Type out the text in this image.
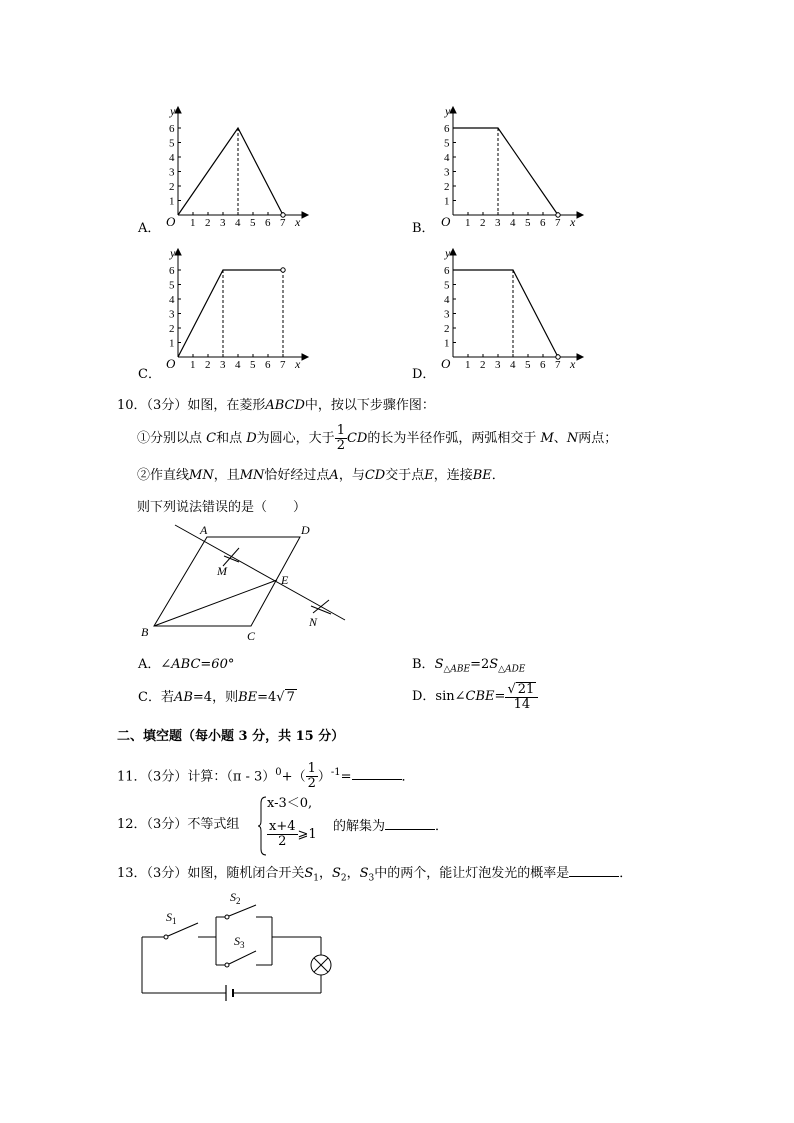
1 2 3 4 5 6 7
1
2
3
4
5
6
y
x
O
A．	1 2 3 4 5 6 7
1
2
3
4
5
6
y
x
O
B．
1 2 3 4 5 6 7
1
2
3
4
5
6
y
x
O
C．
1 2 3 4 5 6 7
1
2
3
4
5
6
y
x
O
D．
10．（3分）如图，在菱形ABCD中，按以下步骤作图：
①分别以点 C和点 D为圆心，大于 $\frac{1}{2}$ CD的长为半径作弧，两弧相交于 M、N两点；
②作直线MN，且MN恰好经过点A，与CD交于点E，连接BE．
则下列说法错误的是（　　）
A	D
M
E
N
B	C
A．∠ABC=60°	B．$S_{\triangle ABE}=2S_{\triangle ADE}$
C．若AB=4，则BE=4√ 7	D．sin∠CBE= $\frac{√ 21}{14}$
二、填空题（每小题 3 分，共 15 分）
11．（3分）计算：$(\pi - 3)^0+( \frac{1}{2} )^{-1}=$	．
12．（3分）不等式组
x-3＜0,
$\frac{x+4}{2}$ ⩾1
的解集为	．
13．（3分）如图，随机闭合开关$S_1$，$S_2$，$S_3$中的两个，能让灯泡发光的概率是	．
$S_1$
$S_2$
$S_3$
